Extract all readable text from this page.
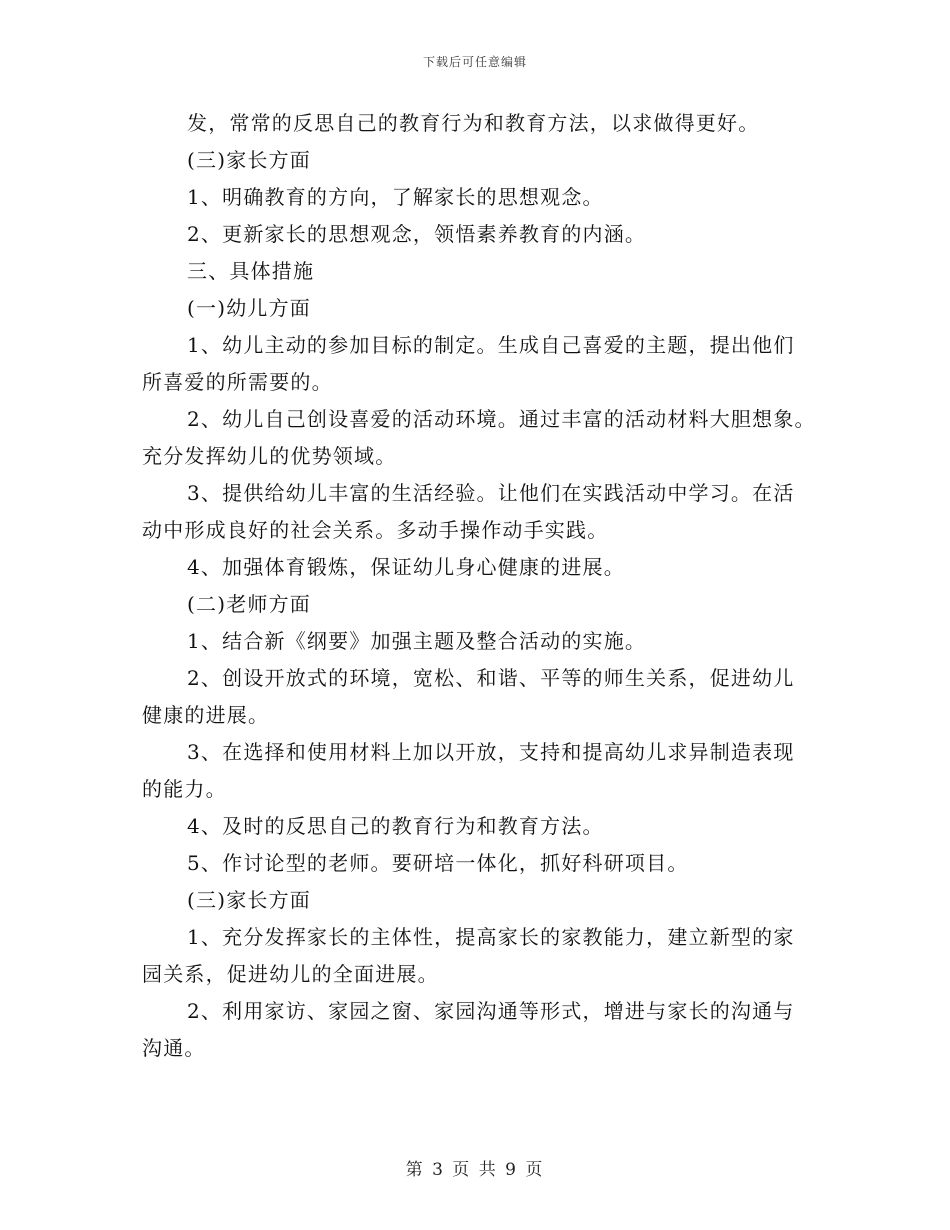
下载后可任意编辑
发，常常的反思自己的教育行为和教育方法，以求做得更好。
(三)家长方面
1、明确教育的方向，了解家长的思想观念。
2、更新家长的思想观念，领悟素养教育的内涵。
三、具体措施
(一)幼儿方面
1、幼儿主动的参加目标的制定。生成自己喜爱的主题，提出他们
所喜爱的所需要的。
2、幼儿自己创设喜爱的活动环境。通过丰富的活动材料大胆想象。
充分发挥幼儿的优势领域。
3、提供给幼儿丰富的生活经验。让他们在实践活动中学习。在活
动中形成良好的社会关系。多动手操作动手实践。
4、加强体育锻炼，保证幼儿身心健康的进展。
(二)老师方面
1、结合新《纲要》加强主题及整合活动的实施。
2、创设开放式的环境，宽松、和谐、平等的师生关系，促进幼儿
健康的进展。
3、在选择和使用材料上加以开放，支持和提高幼儿求异制造表现
的能力。
4、及时的反思自己的教育行为和教育方法。
5、作讨论型的老师。要研培一体化，抓好科研项目。
(三)家长方面
1、充分发挥家长的主体性，提高家长的家教能力，建立新型的家
园关系，促进幼儿的全面进展。
2、利用家访、家园之窗、家园沟通等形式，增进与家长的沟通与
沟通。
第 3 页 共 9 页
